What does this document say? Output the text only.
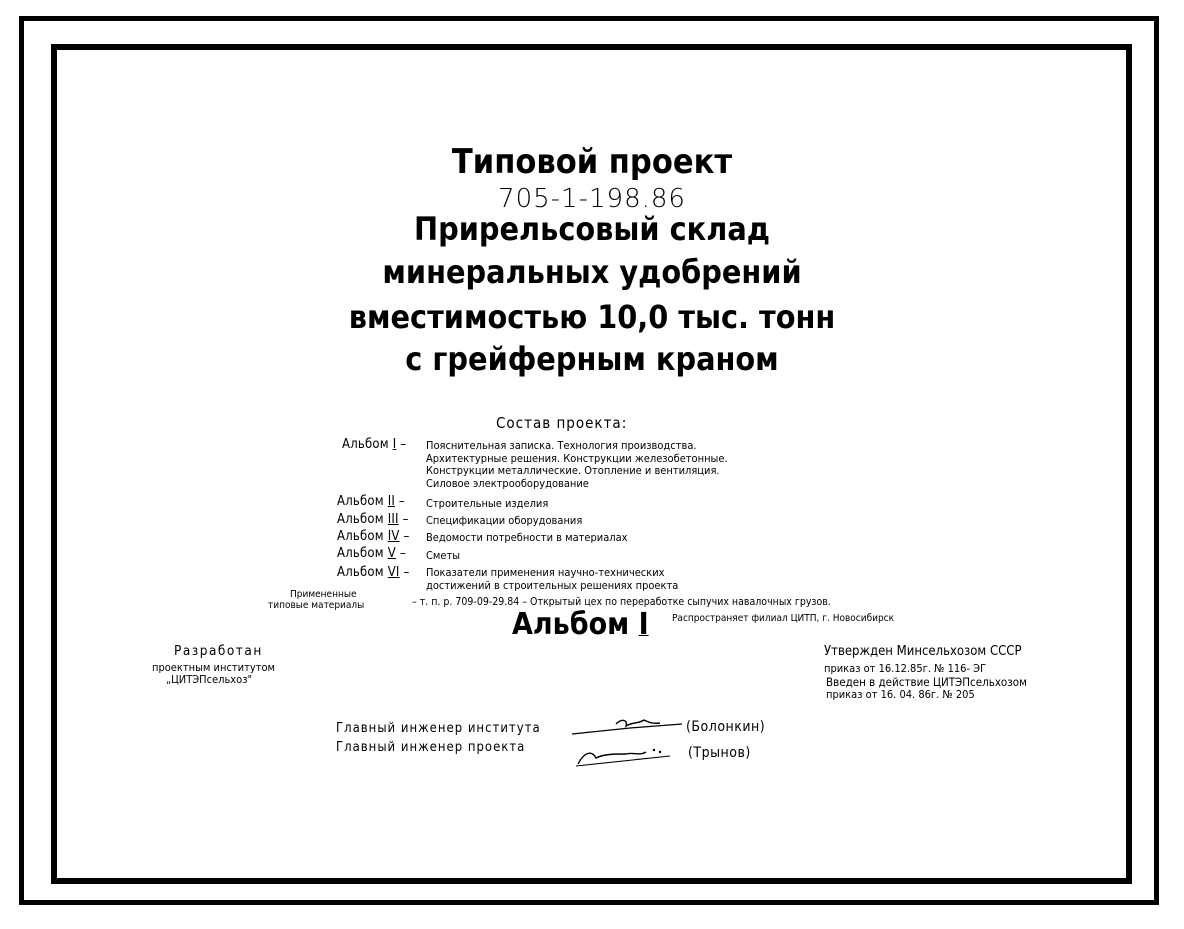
Типовой проект
705-1-198.86
Прирельсовый склад
минеральных удобрений
вместимостью 10,0 тыс. тонн
с грейферным краном
Состав проекта:
Альбом I – Пояснительная записка. Технология производства.
Архитектурные решения. Конструкции железобетонные.
Конструкции металлические. Отопление и вентиляция.
Силовое электрооборудование
Альбом II – Строительные изделия
Альбом III – Спецификации оборудования
Альбом IV – Ведомости потребности в материалах
Альбом V – Сметы
Альбом VI – Показатели применения научно-технических
достижений в строительных решениях проекта
Примененные
типовые материалы	– т. п. р. 709-09-29.84 – Открытый цех по переработке сыпучих навалочных грузов.
Альбом I Распространяет филиал ЦИТП, г. Новосибирск
Разработан
проектным институтом
„ЦИТЭПсельхоз"
Утвержден Минсельхозом СССР
приказ от 16.12.85г. № 116- ЭГ
Введен в действие ЦИТЭПсельхозом
приказ от 16. 04. 86г. № 205
Главный инженер института	(Болонкин)
Главный инженер проекта	(Трынов)
